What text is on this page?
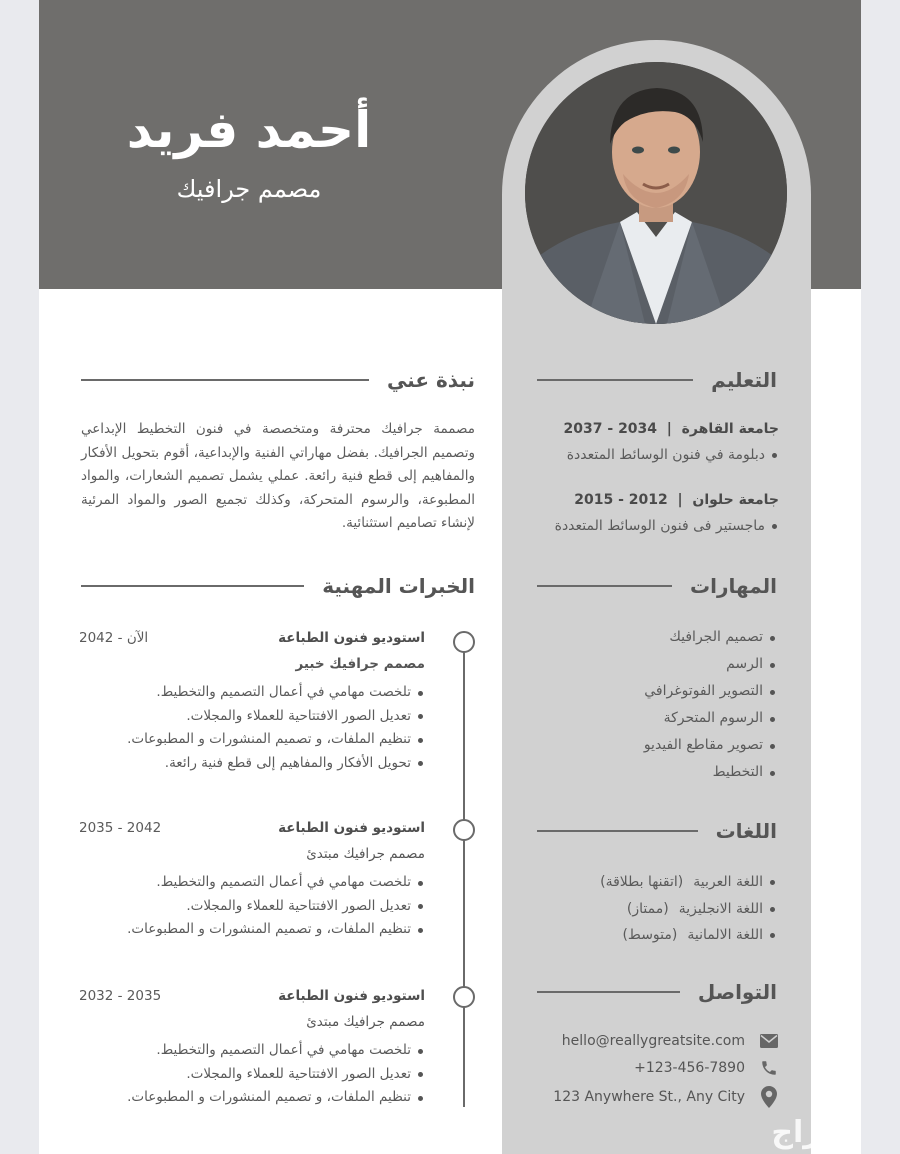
أحمد فريد
مصمم جرافيك
نبذة عني
مصممة جرافيك محترفة ومتخصصة في فنون التخطيط الإبداعي وتصميم الجرافيك. بفضل مهاراتي الفنية والإبداعية، أقوم بتحويل الأفكار والمفاهيم إلى قطع فنية رائعة. عملي يشمل تصميم الشعارات، والمواد المطبوعة، والرسوم المتحركة، وكذلك تجميع الصور والمواد المرئية لإنشاء تصاميم استثنائية.
التعليم
جامعة القاهرة  |  2034 - 2037
دبلومة في فنون الوسائط المتعددة
جامعة حلوان  |  2012 - 2015
ماجستير فى فنون الوسائط المتعددة
المهارات
تصميم الجرافيك
الرسم
التصوير الفوتوغرافي
الرسوم المتحركة
تصوير مقاطع الفيديو
التخطيط
الخبرات المهنية
استوديو فنون الطباعة
2042 - الآن
مصمم جرافيك خبير
تلخصت مهامي في أعمال التصميم والتخطيط.
تعديل الصور الافتتاحية للعملاء والمجلات.
تنظيم الملفات، و تصميم المنشورات و المطبوعات.
تحويل الأفكار والمفاهيم إلى قطع فنية رائعة.
استوديو فنون الطباعة
2035 - 2042
مصمم جرافيك مبتدئ
تلخصت مهامي في أعمال التصميم والتخطيط.
تعديل الصور الافتتاحية للعملاء والمجلات.
تنظيم الملفات، و تصميم المنشورات و المطبوعات.
استوديو فنون الطباعة
2032 - 2035
مصمم جرافيك مبتدئ
تلخصت مهامي في أعمال التصميم والتخطيط.
تعديل الصور الافتتاحية للعملاء والمجلات.
تنظيم الملفات، و تصميم المنشورات و المطبوعات.
اللغات
اللغة العربية
(اتقنها بطلاقة)
اللغة الانجليزية
(ممتاز)
اللغة الالمانية
(متوسط)
التواصل
hello@reallygreatsite.com
+123-456-7890
123 Anywhere St., Any City
حراج
